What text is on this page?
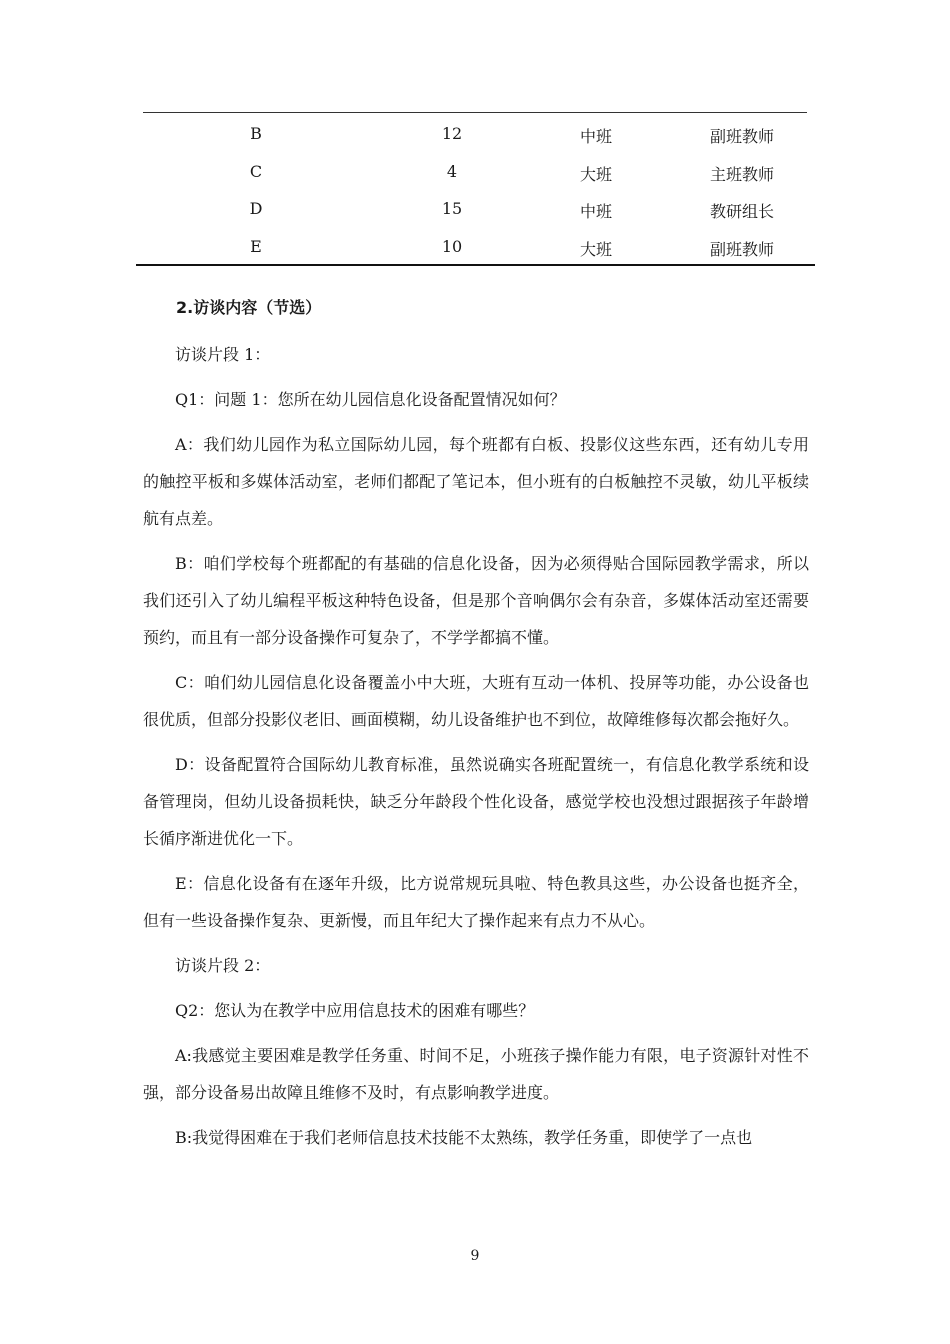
B	12	中班	副班教师
C	4	大班	主班教师
D	15	中班	教研组长
E	10	大班	副班教师
2.访谈内容（节选）

访谈片段 1：

Q1：问题 1：您所在幼儿园信息化设备配置情况如何？

A：我们幼儿园作为私立国际幼儿园，每个班都有白板、投影仪这些东西，还有幼儿专用的触控平板和多媒体活动室，老师们都配了笔记本，但小班有的白板触控不灵敏，幼儿平板续航有点差。

B：咱们学校每个班都配的有基础的信息化设备，因为必须得贴合国际园教学需求，所以我们还引入了幼儿编程平板这种特色设备，但是那个音响偶尔会有杂音，多媒体活动室还需要预约，而且有一部分设备操作可复杂了，不学学都搞不懂。

C：咱们幼儿园信息化设备覆盖小中大班，大班有互动一体机、投屏等功能，办公设备也很优质，但部分投影仪老旧、画面模糊，幼儿设备维护也不到位，故障维修每次都会拖好久。

D：设备配置符合国际幼儿教育标准，虽然说确实各班配置统一，有信息化教学系统和设备管理岗，但幼儿设备损耗快，缺乏分年龄段个性化设备，感觉学校也没想过跟据孩子年龄增长循序渐进优化一下。

E：信息化设备有在逐年升级，比方说常规玩具啦、特色教具这些，办公设备也挺齐全，但有一些设备操作复杂、更新慢，而且年纪大了操作起来有点力不从心。

访谈片段 2：

Q2：您认为在教学中应用信息技术的困难有哪些？

A:我感觉主要困难是教学任务重、时间不足，小班孩子操作能力有限，电子资源针对性不强，部分设备易出故障且维修不及时，有点影响教学进度。

B:我觉得困难在于我们老师信息技术技能不太熟练，教学任务重，即使学了一点也

9
